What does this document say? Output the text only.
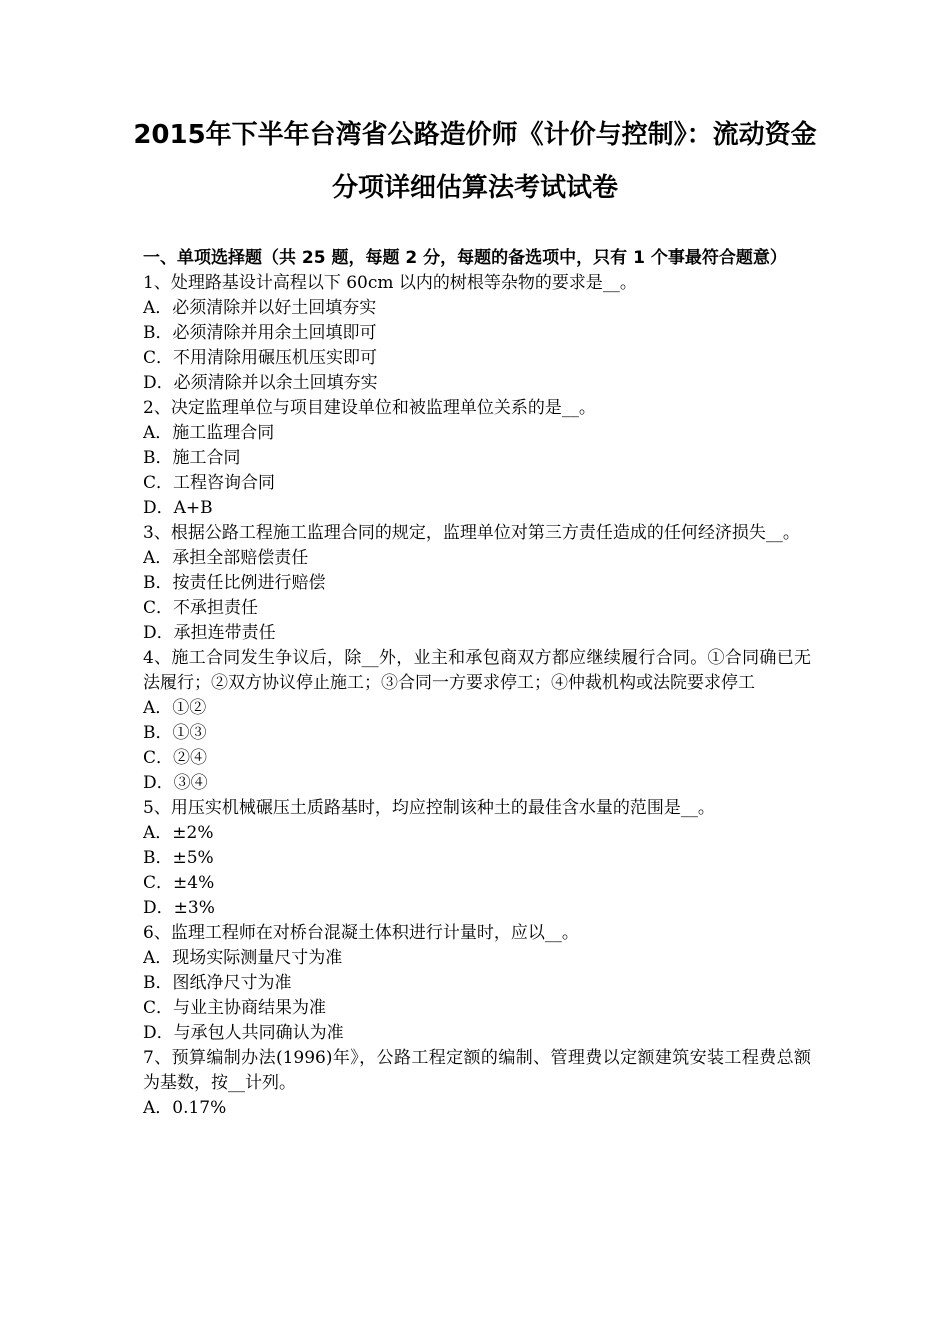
2015年下半年台湾省公路造价师《计价与控制》：流动资金
分项详细估算法考试试卷

一、单项选择题（共 25 题，每题 2 分，每题的备选项中，只有 1 个事最符合题意）

1、处理路基设计高程以下 60cm 以内的树根等杂物的要求是__。

A．必须清除并以好土回填夯实

B．必须清除并用余土回填即可

C．不用清除用碾压机压实即可

D．必须清除并以余土回填夯实

2、决定监理单位与项目建设单位和被监理单位关系的是__。

A．施工监理合同

B．施工合同

C．工程咨询合同

D．A+B

3、根据公路工程施工监理合同的规定，监理单位对第三方责任造成的任何经济损失__。

A．承担全部赔偿责任

B．按责任比例进行赔偿

C．不承担责任

D．承担连带责任

4、施工合同发生争议后，除__外，业主和承包商双方都应继续履行合同。①合同确已无法履行；②双方协议停止施工；③合同一方要求停工；④仲裁机构或法院要求停工

A．①②

B．①③

C．②④

D．③④

5、用压实机械碾压土质路基时，均应控制该种土的最佳含水量的范围是__。

A．±2%

B．±5%

C．±4%

D．±3%

6、监理工程师在对桥台混凝土体积进行计量时，应以__。

A．现场实际测量尺寸为准

B．图纸净尺寸为准

C．与业主协商结果为准

D．与承包人共同确认为准

7、预算编制办法(1996)年》，公路工程定额的编制、管理费以定额建筑安装工程费总额为基数，按__计列。

A．0.17%
